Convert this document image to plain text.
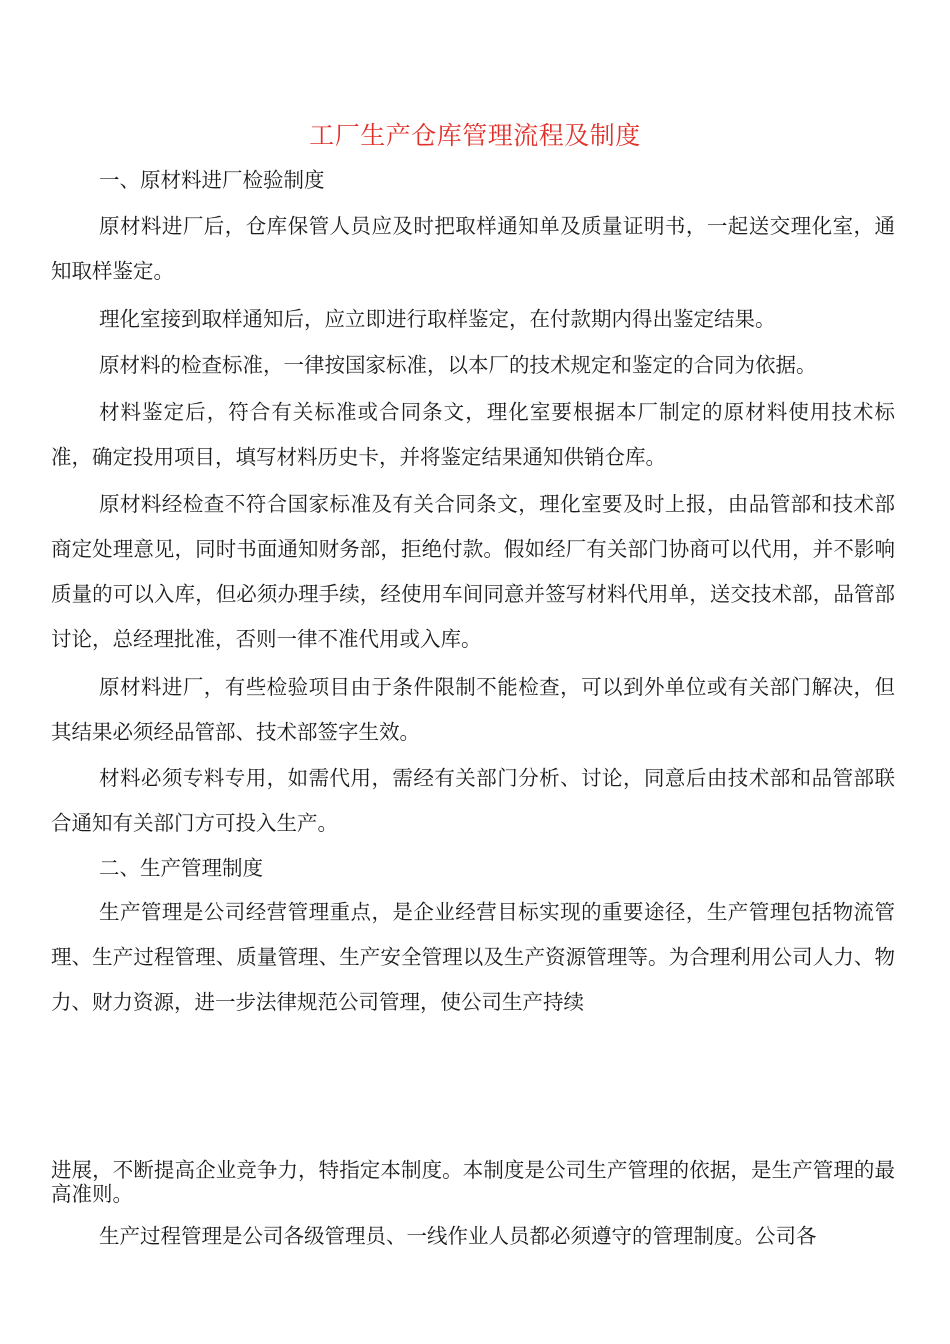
工厂生产仓库管理流程及制度

一、原材料进厂检验制度

原材料进厂后，仓库保管人员应及时把取样通知单及质量证明书，一起送交理化室，通知取样鉴定。

理化室接到取样通知后，应立即进行取样鉴定，在付款期内得出鉴定结果。

原材料的检查标准，一律按国家标准，以本厂的技术规定和鉴定的合同为依据。

材料鉴定后，符合有关标准或合同条文，理化室要根据本厂制定的原材料使用技术标准，确定投用项目，填写材料历史卡，并将鉴定结果通知供销仓库。

原材料经检查不符合国家标准及有关合同条文，理化室要及时上报，由品管部和技术部商定处理意见，同时书面通知财务部，拒绝付款。假如经厂有关部门协商可以代用，并不影响质量的可以入库，但必须办理手续，经使用车间同意并签写材料代用单，送交技术部，品管部讨论，总经理批准，否则一律不准代用或入库。

原材料进厂，有些检验项目由于条件限制不能检查，可以到外单位或有关部门解决，但其结果必须经品管部、技术部签字生效。

材料必须专料专用，如需代用，需经有关部门分析、讨论，同意后由技术部和品管部联合通知有关部门方可投入生产。

二、生产管理制度

生产管理是公司经营管理重点，是企业经营目标实现的重要途径，生产管理包括物流管理、生产过程管理、质量管理、生产安全管理以及生产资源管理等。为合理利用公司人力、物力、财力资源，进一步法律规范公司管理，使公司生产持续

进展，不断提高企业竞争力，特指定本制度。本制度是公司生产管理的依据，是生产管理的最高准则。

生产过程管理是公司各级管理员、一线作业人员都必须遵守的管理制度。公司各
